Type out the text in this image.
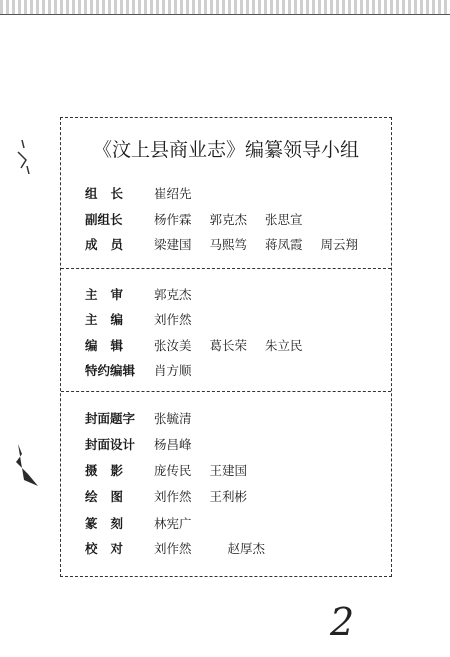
《汶上县商业志》编纂领导小组
组   长	崔绍先
副组长	杨作霖 郭克杰 张思宣
成   员	梁建国 马熙笃 蒋凤霞 周云翔
主   审	郭克杰
主   编	刘作然
编   辑	张汝美 葛长荣 朱立民
特约编辑	肖方顺
封面题字	张毓清
封面设计	杨昌峰
摄   影	庞传民 王建国
绘   图	刘作然 王利彬
篆   刻	林宪广
校   对	刘作然	赵厚杰
2
